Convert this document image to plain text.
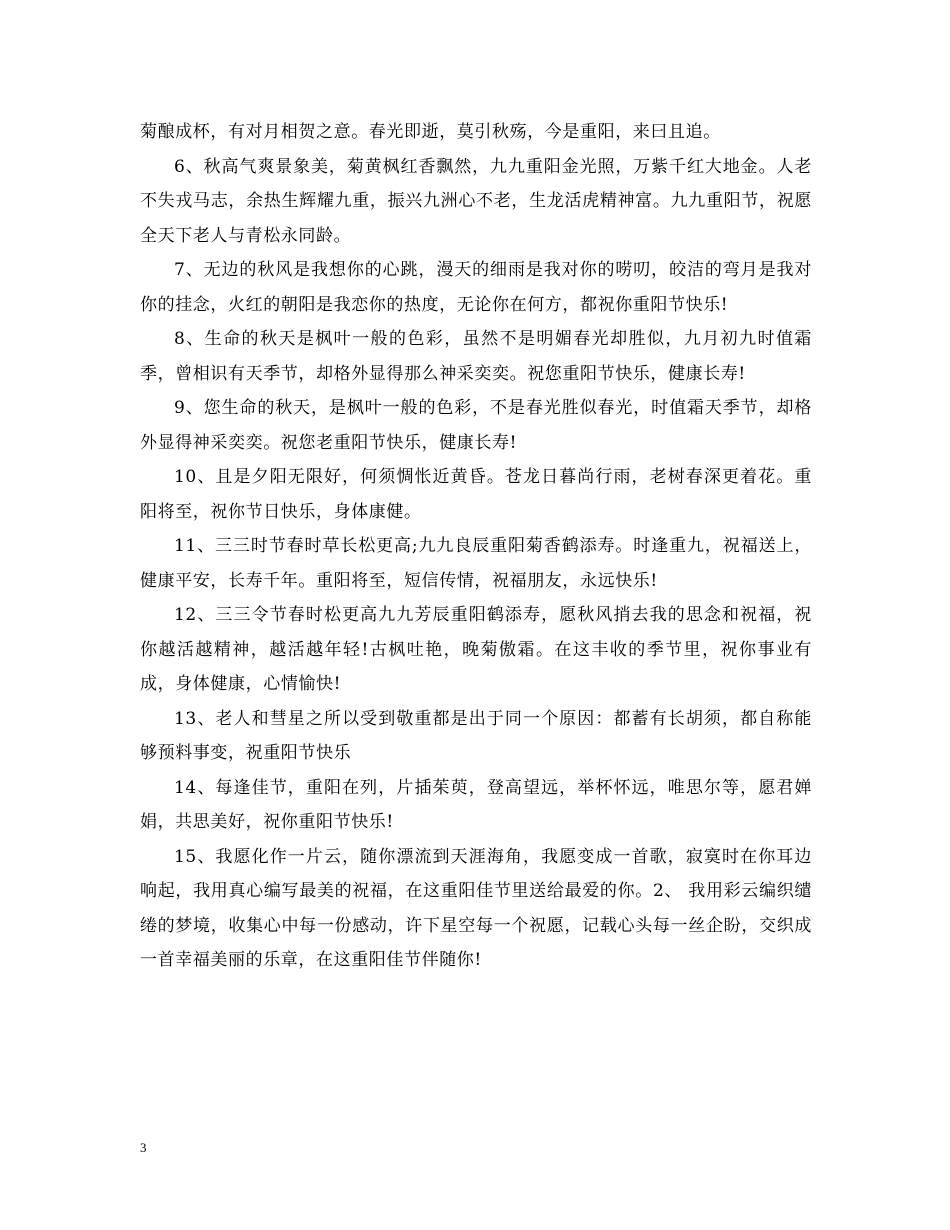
菊酿成杯，有对月相贺之意。春光即逝，莫引秋殇，今是重阳，来曰且追。

6、秋高气爽景象美，菊黄枫红香飘然，九九重阳金光照，万紫千红大地金。人老不失戎马志，余热生辉耀九重，振兴九洲心不老，生龙活虎精神富。九九重阳节，祝愿全天下老人与青松永同龄。

7、无边的秋风是我想你的心跳，漫天的细雨是我对你的唠叨，皎洁的弯月是我对你的挂念，火红的朝阳是我恋你的热度，无论你在何方，都祝你重阳节快乐!

8、生命的秋天是枫叶一般的色彩，虽然不是明媚春光却胜似，九月初九时值霜季，曾相识有天季节，却格外显得那么神采奕奕。祝您重阳节快乐，健康长寿!

9、您生命的秋天，是枫叶一般的色彩，不是春光胜似春光，时值霜天季节，却格外显得神采奕奕。祝您老重阳节快乐，健康长寿!

10、且是夕阳无限好，何须惆怅近黄昏。苍龙日暮尚行雨，老树春深更着花。重阳将至，祝你节日快乐，身体康健。

11、三三时节春时草长松更高;九九良辰重阳菊香鹤添寿。时逢重九，祝福送上，健康平安，长寿千年。重阳将至，短信传情，祝福朋友，永远快乐!

12、三三令节春时松更高九九芳辰重阳鹤添寿，愿秋风捎去我的思念和祝福，祝你越活越精神，越活越年轻!古枫吐艳，晚菊傲霜。在这丰收的季节里，祝你事业有成，身体健康，心情愉快!

13、老人和彗星之所以受到敬重都是出于同一个原因：都蓄有长胡须，都自称能够预料事变，祝重阳节快乐

14、每逢佳节，重阳在列，片插茱萸，登高望远，举杯怀远，唯思尔等，愿君婵娟，共思美好，祝你重阳节快乐!

15、我愿化作一片云，随你漂流到天涯海角，我愿变成一首歌，寂寞时在你耳边响起，我用真心编写最美的祝福，在这重阳佳节里送给最爱的你。2、 我用彩云编织缱绻的梦境，收集心中每一份感动，许下星空每一个祝愿，记载心头每一丝企盼，交织成一首幸福美丽的乐章，在这重阳佳节伴随你!

3
